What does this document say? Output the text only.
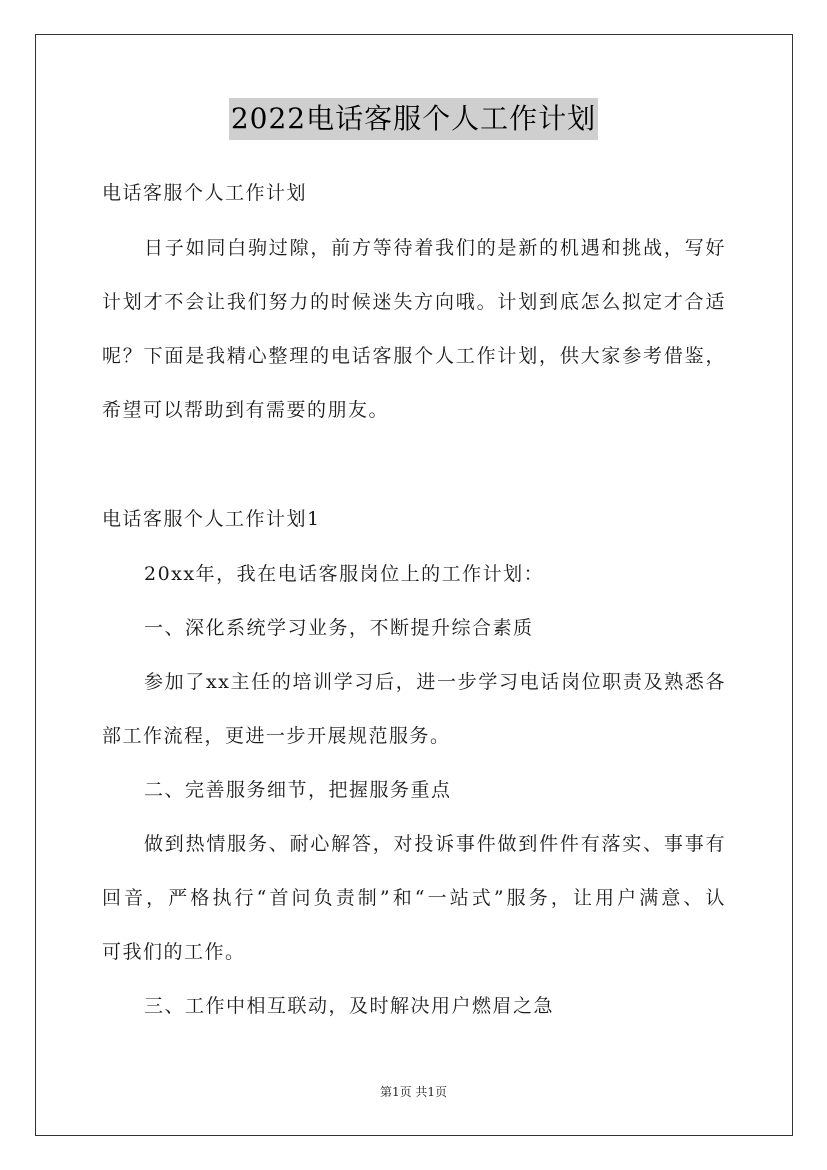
2022电话客服个人工作计划
电话客服个人工作计划
日子如同白驹过隙，前方等待着我们的是新的机遇和挑战，写好
计划才不会让我们努力的时候迷失方向哦。计划到底怎么拟定才合适
呢？下面是我精心整理的电话客服个人工作计划，供大家参考借鉴，
希望可以帮助到有需要的朋友。
电话客服个人工作计划1
20xx年，我在电话客服岗位上的工作计划：
一、深化系统学习业务，不断提升综合素质
参加了xx主任的培训学习后，进一步学习电话岗位职责及熟悉各
部工作流程，更进一步开展规范服务。
二、完善服务细节，把握服务重点
做到热情服务、耐心解答，对投诉事件做到件件有落实、事事有
回音，严格执行“首问负责制”和“一站式”服务，让用户满意、认
可我们的工作。
三、工作中相互联动，及时解决用户燃眉之急
第1页 共1页
